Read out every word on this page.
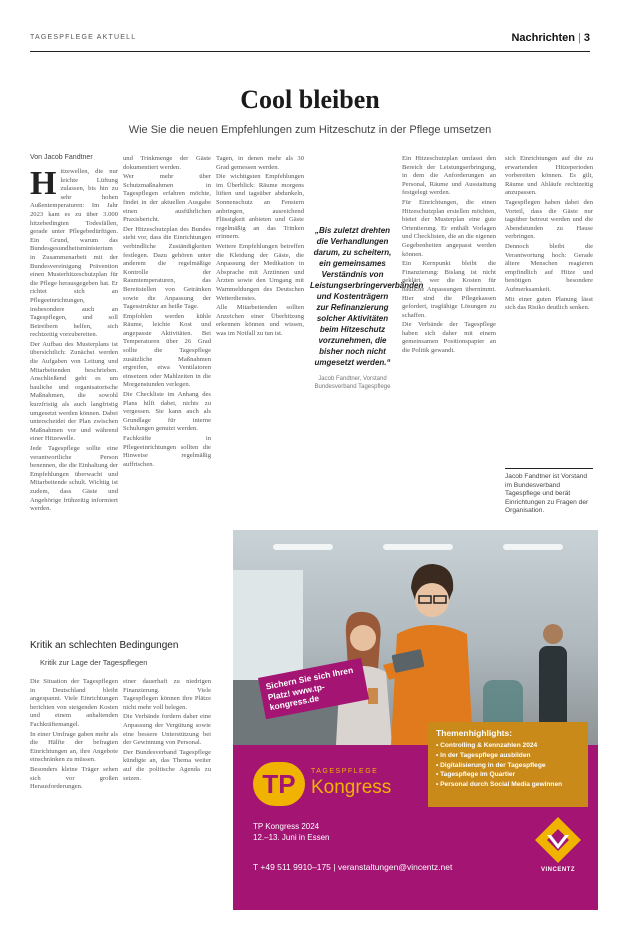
TAGESPFLEGE AKTUELL	Nachrichten | 3
Cool bleiben
Wie Sie die neuen Empfehlungen zum Hitzeschutz in der Pflege umsetzen
Von Jacob Fandtner
H itzewellen, die nur leichte Lüftung zulassen, bis hin zu sehr hohen Außentemperaturen: Im Jahr 2023 kam es zu über 3.000 hitzebedingten Todesfällen, gerade unter Pflegebedürftigen. Ein Grund, warum das Bundesgesundheitsministerium in Zusammenarbeit mit der Bundesvereinigung Prävention einen Musterhitzeschutzplan für die Pflege herausgegeben hat. Er richtet sich an Pflegeeinrichtungen, insbesondere auch an Tagespflegen, und soll Betreibern helfen, sich rechtzeitig vorzubereiten.

Der Aufbau des Musterplans ist übersichtlich: Zunächst werden die Aufgaben von Leitung und Mitarbeitenden beschrieben. Anschließend geht es um bauliche und organisatorische Maßnahmen, die sowohl kurzfristig als auch langfristig umgesetzt werden können. Dabei unterscheidet der Plan zwischen Maßnahmen vor und während einer Hitzewelle.

Jede Tagespflege sollte eine verantwortliche Person benennen, die die Einhaltung der Empfehlungen überwacht und Mitarbeitende schult. Wichtig ist zudem, dass Gäste und Angehörige frühzeitig informiert werden.

und Trinkmenge der Gäste dokumentiert werden.

Wer mehr über Schutzmaßnahmen in Tagespflegen erfahren möchte, findet in der aktuellen Ausgabe einen ausführlichen Praxisbericht.

Der Hitzeschutzplan des Bundes sieht vor, dass die Einrichtungen verbindliche Zuständigkeiten festlegen. Dazu gehören unter anderem die regelmäßige Kontrolle der Raumtemperaturen, das Bereitstellen von Getränken sowie die Anpassung der Tagesstruktur an heiße Tage.

Empfohlen werden kühle Räume, leichte Kost und angepasste Aktivitäten. Bei Temperaturen über 26 Grad sollte die Tagespflege zusätzliche Maßnahmen ergreifen, etwa Ventilatoren einsetzen oder Mahlzeiten in die Morgenstunden verlegen.

Die Checkliste im Anhang des Plans hilft dabei, nichts zu vergessen. Sie kann auch als Grundlage für interne Schulungen genutzt werden.

Fachkräfte in Pflegeeinrichtungen sollten die Hinweise regelmäßig auffrischen.

Tagen, in denen mehr als 30 Grad gemessen werden.

Die wichtigsten Empfehlungen im Überblick: Räume morgens lüften und tagsüber abdunkeln, Sonnenschutz an Fenstern anbringen, ausreichend Flüssigkeit anbieten und Gäste regelmäßig an das Trinken erinnern.

Weitere Empfehlungen betreffen die Kleidung der Gäste, die Anpassung der Medikation in Absprache mit Ärztinnen und Ärzten sowie den Umgang mit Warnmeldungen des Deutschen Wetterdienstes.

Alle Mitarbeitenden sollten Anzeichen einer Überhitzung erkennen können und wissen, was im Notfall zu tun ist.

„Bis zuletzt drehten die Verhandlungen darum, zu scheitern, ein gemeinsames Verständnis von Leistungserbringerverbänden und Kostenträgern zur Refinanzierung solcher Aktivitäten beim Hitzeschutz vorzunehmen, die bisher noch nicht umgesetzt werden.“
Jacob Fandtner, Vorstand Bundesverband Tagespflege

Ein Hitzeschutzplan umfasst den Bereich der Leistungserbringung, in dem die Anforderungen an Personal, Räume und Ausstattung festgelegt werden.

Für Einrichtungen, die einen Hitzeschutzplan erstellen möchten, bietet der Musterplan eine gute Orientierung. Er enthält Vorlagen und Checklisten, die an die eigenen Gegebenheiten angepasst werden können.

Ein Kernpunkt bleibt die Finanzierung: Bislang ist nicht geklärt, wer die Kosten für bauliche Anpassungen übernimmt. Hier sind die Pflegekassen gefordert, tragfähige Lösungen zu schaffen.

Die Verbände der Tagespflege haben sich daher mit einem gemeinsamen Positionspapier an die Politik gewandt.

sich Einrichtungen auf die zu erwartenden Hitzeperioden vorbereiten können. Es gilt, Räume und Abläufe rechtzeitig anzupassen.

Tagespflegen haben dabei den Vorteil, dass die Gäste nur tagsüber betreut werden und die Abendstunden zu Hause verbringen.

Dennoch bleibt die Verantwortung hoch: Gerade ältere Menschen reagieren empfindlich auf Hitze und benötigen besondere Aufmerksamkeit.

Mit einer guten Planung lässt sich das Risiko deutlich senken.

Jacob Fandtner ist Vorstand im Bundesverband Tagespflege und berät Einrichtungen zu Fragen der Organisation.
Kritik an schlechten Bedingungen
Kritik zur Lage der Tagespflegen

Die Situation der Tagespflegen in Deutschland bleibt angespannt. Viele Einrichtungen berichten von steigenden Kosten und einem anhaltenden Fachkräftemangel.

In einer Umfrage gaben mehr als die Hälfte der befragten Einrichtungen an, ihre Angebote einschränken zu müssen.

Besonders kleine Träger sehen sich vor großen Herausforderungen.

einer dauerhaft zu niedrigen Finanzierung. Viele Tagespflegen können ihre Plätze nicht mehr voll belegen.

Die Verbände fordern daher eine Anpassung der Vergütung sowie eine bessere Unterstützung bei der Gewinnung von Personal.

Der Bundesverband Tagespflege kündigte an, das Thema weiter auf die politische Agenda zu setzen.

Sichern Sie sich Ihren Platz! www.tp-kongress.de
Themenhighlights:
• Controlling & Kennzahlen 2024
• In der Tagespflege ausbilden
• Digitalisierung in der Tagespflege
• Tagespflege im Quartier
• Personal durch Social Media gewinnen
TP	TAGESPFLEGE
Kongress
TP Kongress 2024
12.–13. Juni in Essen
T +49 511 9910–175 | veranstaltungen@vincentz.net	VINCENTZ
